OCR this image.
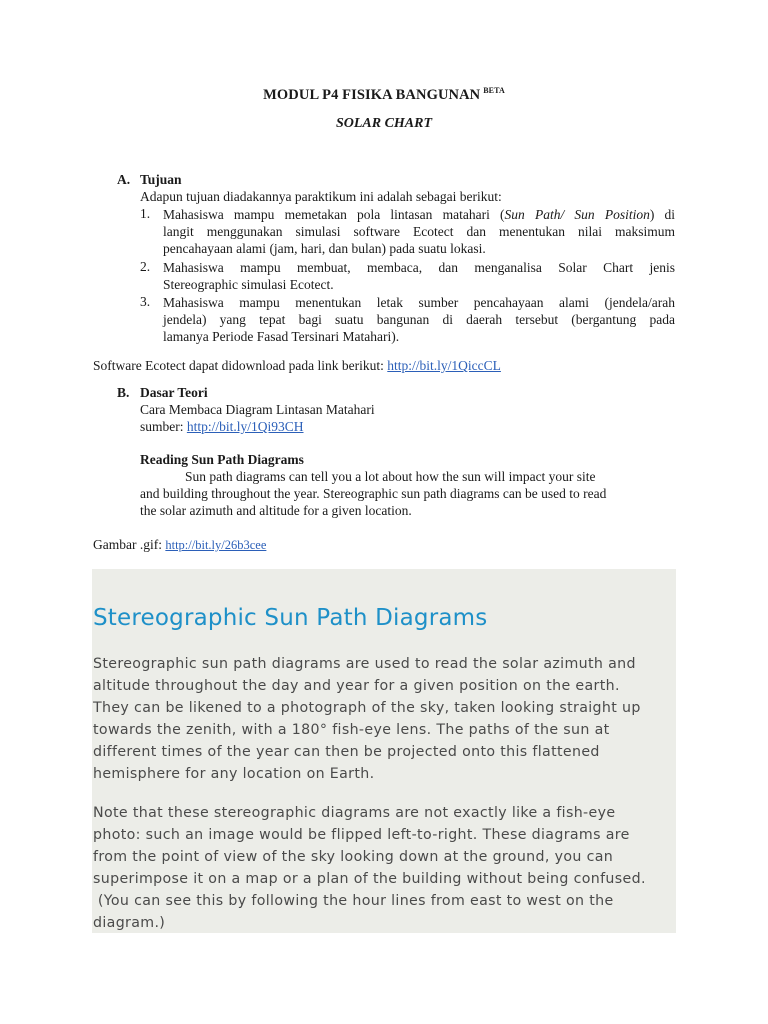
MODUL P4 FISIKA BANGUNAN $^{BETA}$
SOLAR CHART
A. Tujuan
Adapun tujuan diadakannya paraktikum ini adalah sebagai berikut:
1. Mahasiswa mampu memetakan pola lintasan matahari (Sun Path/ Sun Position) di
langit menggunakan simulasi software Ecotect dan menentukan nilai maksimum
pencahayaan alami (jam, hari, dan bulan) pada suatu lokasi.
2. Mahasiswa mampu membuat, membaca, dan menganalisa Solar Chart jenis
Stereographic simulasi Ecotect.
3. Mahasiswa mampu menentukan letak sumber pencahayaan alami (jendela/arah
jendela) yang tepat bagi suatu bangunan di daerah tersebut (bergantung pada
lamanya Periode Fasad Tersinari Matahari).
Software Ecotect dapat didownload pada link berikut: http://bit.ly/1QiccCL
B. Dasar Teori
Cara Membaca Diagram Lintasan Matahari
sumber: http://bit.ly/1Qi93CH
Reading Sun Path Diagrams
Sun path diagrams can tell you a lot about how the sun will impact your site
and building throughout the year. Stereographic sun path diagrams can be used to read
the solar azimuth and altitude for a given location.
Gambar .gif: http://bit.ly/26b3cee
Stereographic Sun Path Diagrams
Stereographic sun path diagrams are used to read the solar azimuth and
altitude throughout the day and year for a given position on the earth.
They can be likened to a photograph of the sky, taken looking straight up
towards the zenith, with a 180° fish-eye lens. The paths of the sun at
different times of the year can then be projected onto this flattened
hemisphere for any location on Earth.
Note that these stereographic diagrams are not exactly like a fish-eye
photo: such an image would be flipped left-to-right. These diagrams are
from the point of view of the sky looking down at the ground, you can
superimpose it on a map or a plan of the building without being confused.
(You can see this by following the hour lines from east to west on the
diagram.)
